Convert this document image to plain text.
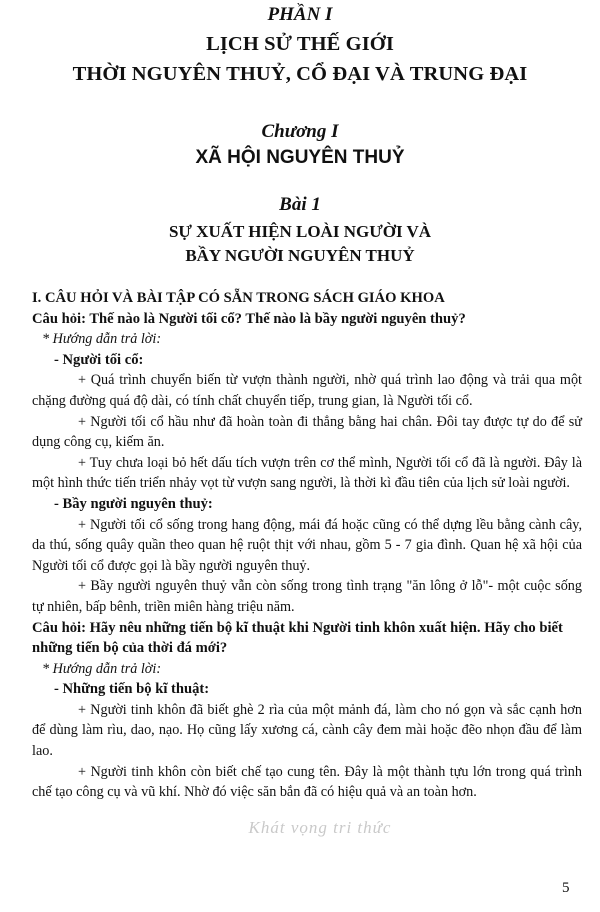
PHẦN I
LỊCH SỬ THẾ GIỚI
THỜI NGUYÊN THUỶ, CỔ ĐẠI VÀ TRUNG ĐẠI
Chương I
XÃ HỘI NGUYÊN THUỶ
Bài 1
SỰ XUẤT HIỆN LOÀI NGƯỜI VÀ
BẦY NGƯỜI NGUYÊN THUỶ

I. CÂU HỎI VÀ BÀI TẬP CÓ SẴN TRONG SÁCH GIÁO KHOA

Câu hỏi: Thế nào là Người tối cổ? Thế nào là bầy người nguyên thuỷ?

* Hướng dẫn trả lời:

- Người tối cổ:

+ Quá trình chuyển biến từ vượn thành người, nhờ quá trình lao động và trải qua một chặng đường quá độ dài, có tính chất chuyển tiếp, trung gian, là Người tối cổ.

+ Người tối cổ hầu như đã hoàn toàn đi thẳng bằng hai chân. Đôi tay được tự do để sử dụng công cụ, kiếm ăn.

+ Tuy chưa loại bỏ hết dấu tích vượn trên cơ thể mình, Người tối cổ đã là người. Đây là một hình thức tiến triển nhảy vọt từ vượn sang người, là thời kì đầu tiên của lịch sử loài người.

- Bầy người nguyên thuỷ:

+ Người tối cổ sống trong hang động, mái đá hoặc cũng có thể dựng lều bằng cành cây, da thú, sống quây quần theo quan hệ ruột thịt với nhau, gồm 5 - 7 gia đình. Quan hệ xã hội của Người tối cổ được gọi là bầy người nguyên thuỷ.

+ Bầy người nguyên thuỷ vẫn còn sống trong tình trạng "ăn lông ở lỗ"- một cuộc sống tự nhiên, bấp bênh, triền miên hàng triệu năm.

Câu hỏi: Hãy nêu những tiến bộ kĩ thuật khi Người tinh khôn xuất hiện. Hãy cho biết những tiến bộ của thời đá mới?

* Hướng dẫn trả lời:

- Những tiến bộ kĩ thuật:

+ Người tinh khôn đã biết ghè 2 rìa của một mảnh đá, làm cho nó gọn và sắc cạnh hơn để dùng làm rìu, dao, nạo. Họ cũng lấy xương cá, cành cây đem mài hoặc đẽo nhọn đầu để làm lao.

+ Người tinh khôn còn biết chế tạo cung tên. Đây là một thành tựu lớn trong quá trình chế tạo công cụ và vũ khí. Nhờ đó việc săn bắn đã có hiệu quả và an toàn hơn.

Khát vọng tri thức
5
